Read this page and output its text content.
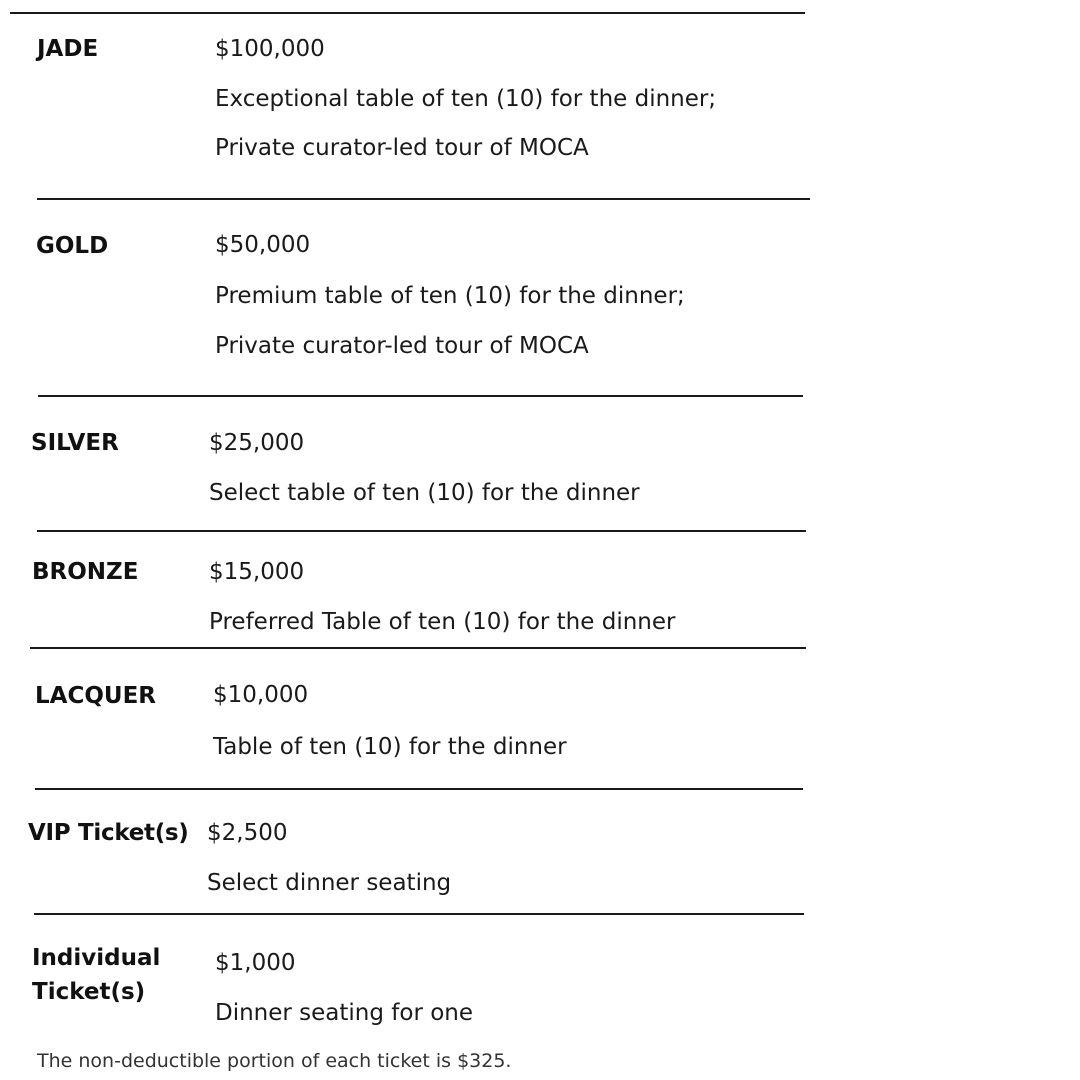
JADE	$100,000
Exceptional table of ten (10) for the dinner;
Private curator-led tour of MOCA
GOLD	$50,000
Premium table of ten (10) for the dinner;
Private curator-led tour of MOCA
SILVER	$25,000
Select table of ten (10) for the dinner
BRONZE	$15,000
Preferred Table of ten (10) for the dinner
LACQUER $10,000
Table of ten (10) for the dinner
VIP Ticket(s) $2,500
Select dinner seating
Individual Ticket(s)
$1,000
Dinner seating for one
The non-deductible portion of each ticket is $325.
